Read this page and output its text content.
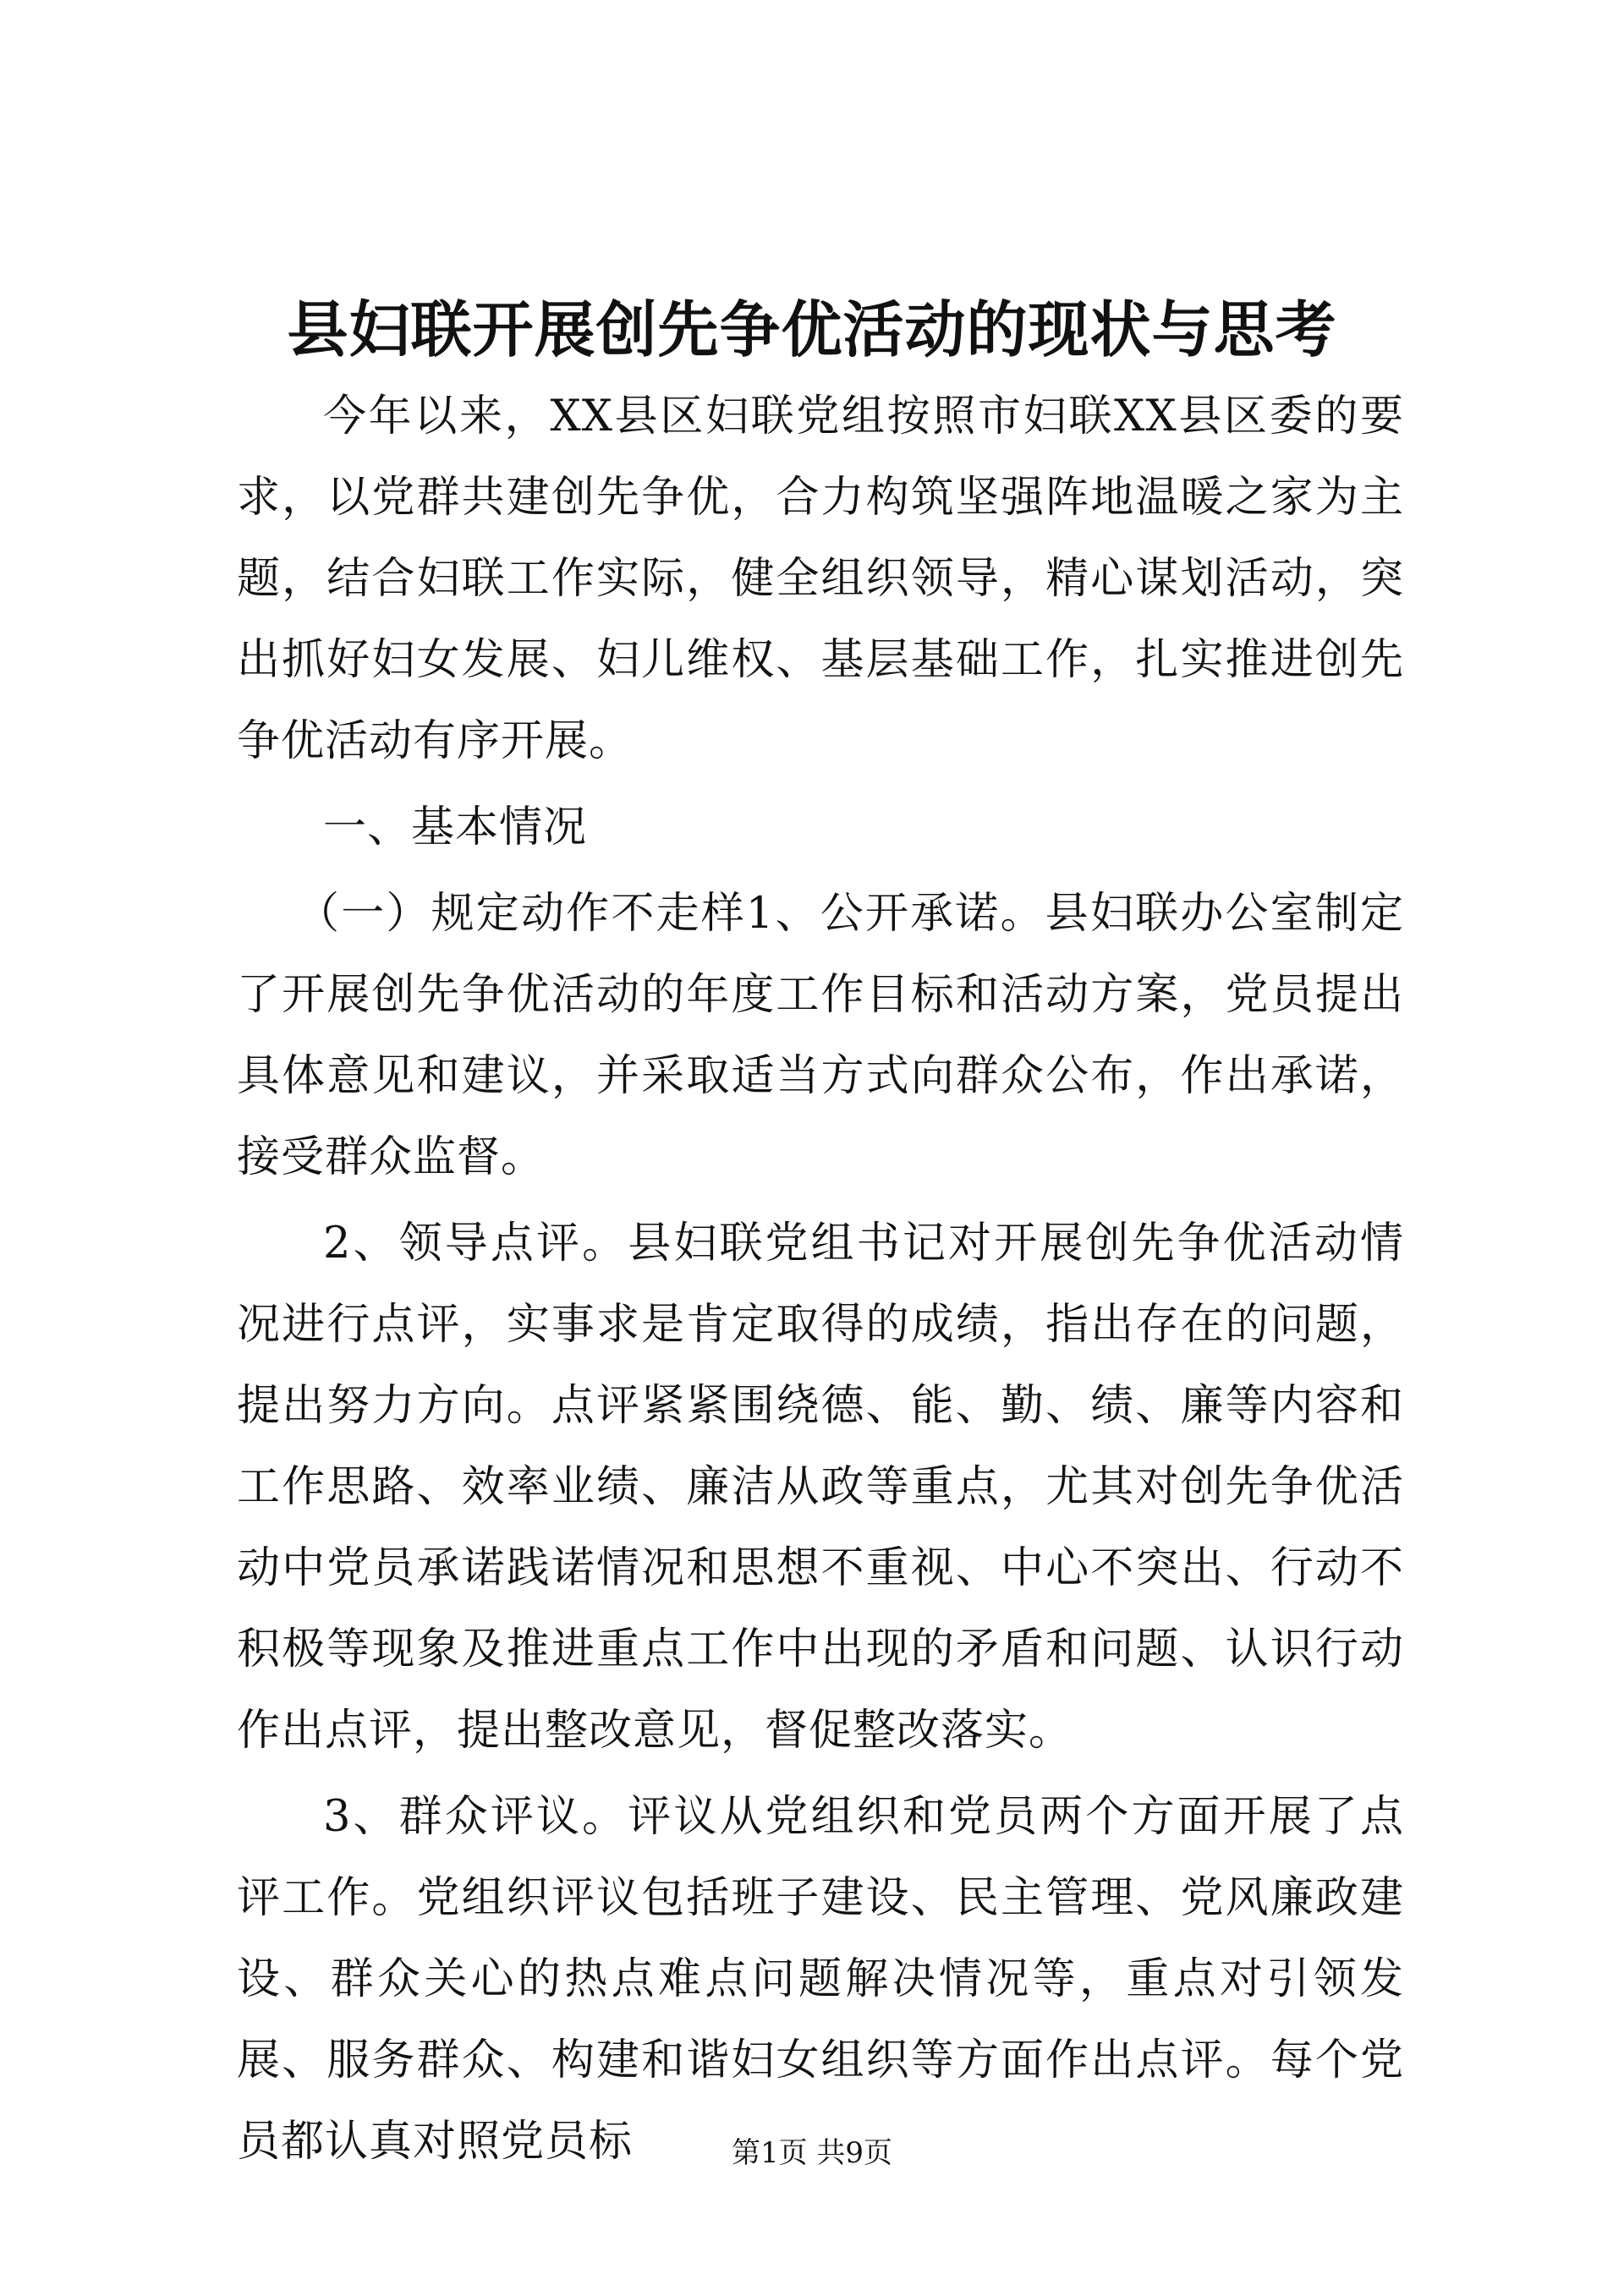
县妇联开展创先争优活动的现状与思考

今年以来，XX县区妇联党组按照市妇联XX县区委的要求，以党群共建创先争优，合力构筑坚强阵地温暖之家为主题，结合妇联工作实际，健全组织领导，精心谋划活动，突出抓好妇女发展、妇儿维权、基层基础工作，扎实推进创先争优活动有序开展。

一、基本情况

（一）规定动作不走样1、公开承诺。县妇联办公室制定了开展创先争优活动的年度工作目标和活动方案，党员提出具体意见和建议，并采取适当方式向群众公布，作出承诺，接受群众监督。

2、领导点评。县妇联党组书记对开展创先争优活动情况进行点评，实事求是肯定取得的成绩，指出存在的问题，提出努力方向。点评紧紧围绕德、能、勤、绩、廉等内容和工作思路、效率业绩、廉洁从政等重点，尤其对创先争优活动中党员承诺践诺情况和思想不重视、中心不突出、行动不积极等现象及推进重点工作中出现的矛盾和问题、认识行动作出点评，提出整改意见，督促整改落实。

3、群众评议。评议从党组织和党员两个方面开展了点评工作。党组织评议包括班子建设、民主管理、党风廉政建设、群众关心的热点难点问题解决情况等，重点对引领发展、服务群众、构建和谐妇女组织等方面作出点评。每个党员都认真对照党员标	第1页 共9页
